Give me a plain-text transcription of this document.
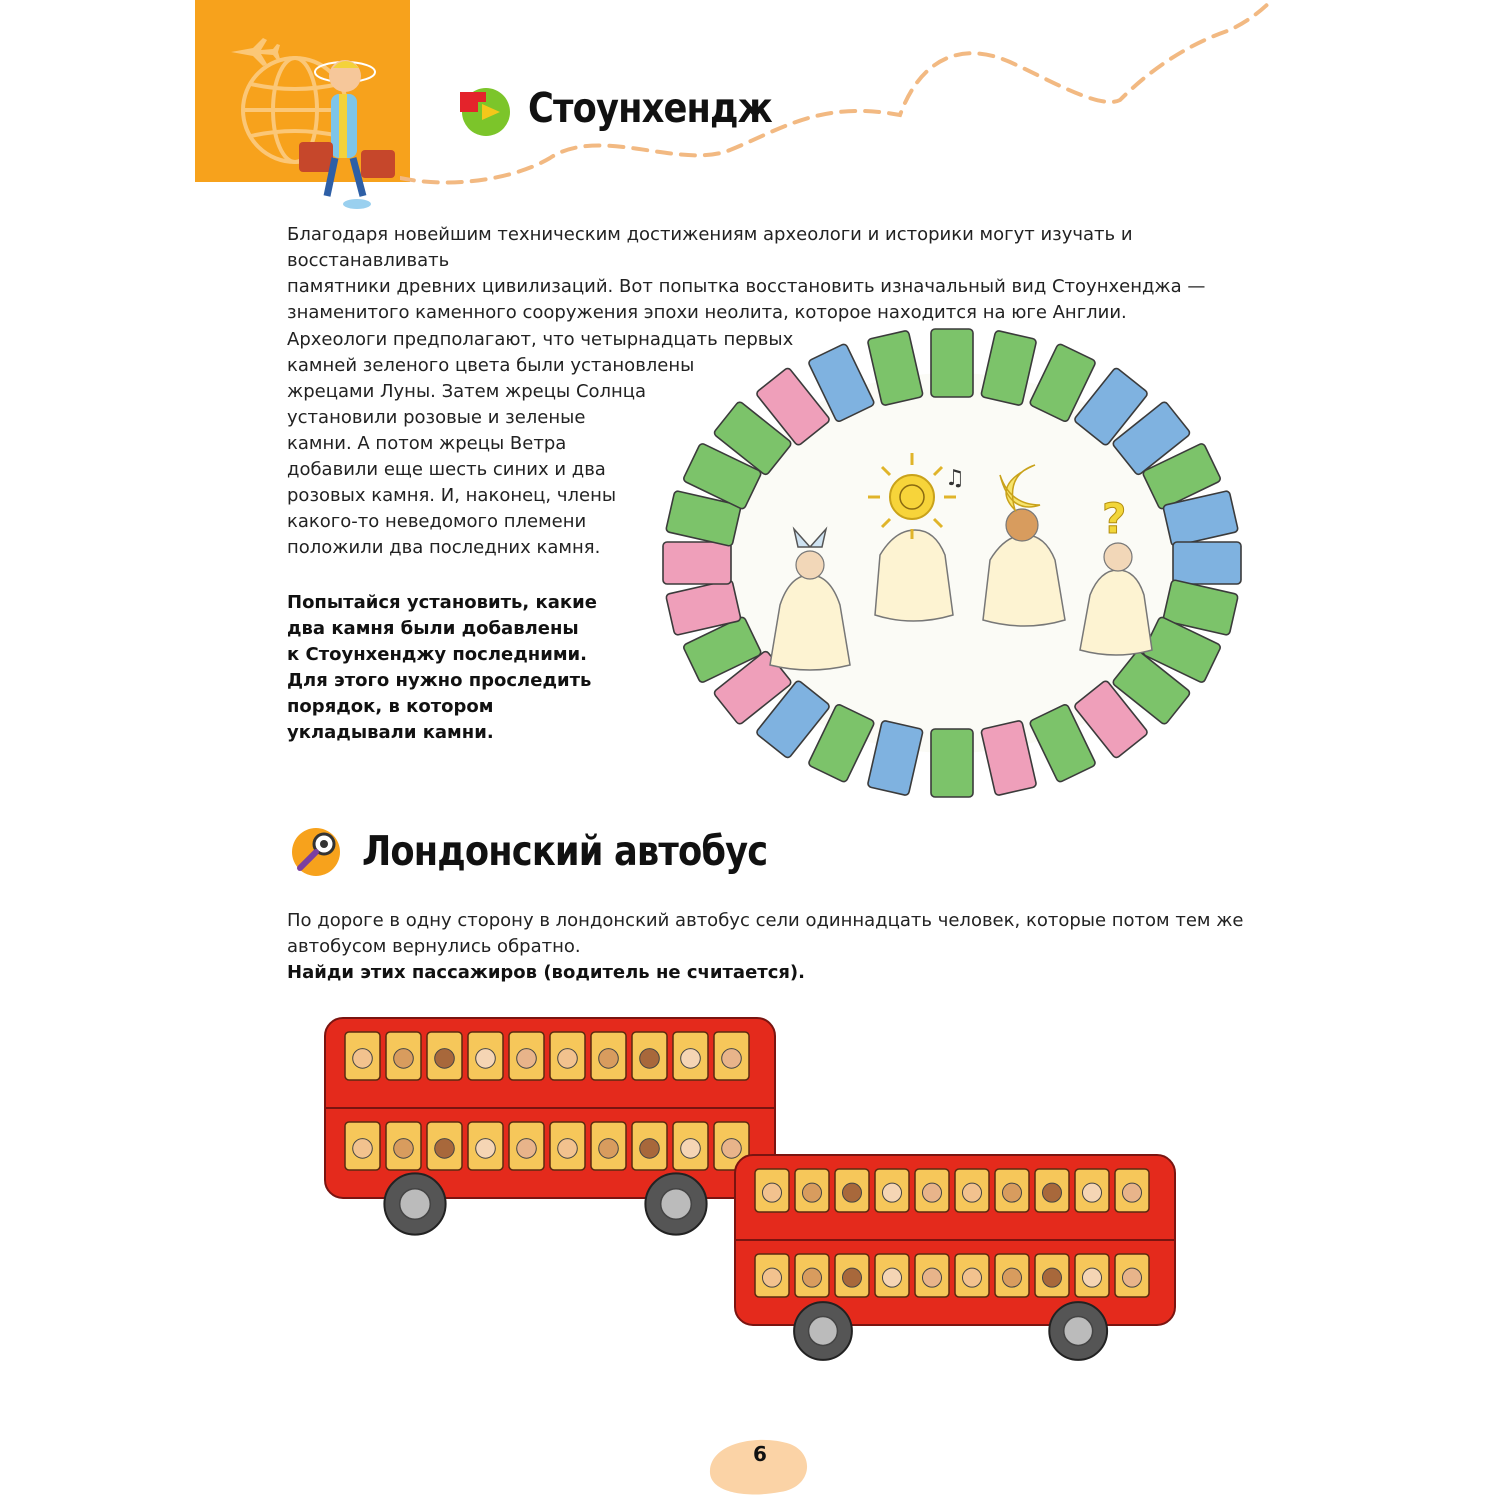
Стоунхендж

Благодаря новейшим техническим достижениям археологи и историки могут изучать и восстанавливать

памятники древних цивилизаций. Вот попытка восстановить изначальный вид Стоунхенджа —

знаменитого каменного сооружения эпохи неолита, которое находится на юге Англии.

Археологи предполагают, что четырнадцать первых

камней зеленого цвета были установлены

жрецами Луны. Затем жрецы Солнца

установили розовые и зеленые

камни. А потом жрецы Ветра

добавили еще шесть синих и два

розовых камня. И, наконец, члены

какого-то неведомого племени

положили два последних камня.

Попытайся установить, какие

два камня были добавлены

к Стоунхенджу последними.

Для этого нужно проследить

порядок, в котором

укладывали камни.

♫
?
Лондонский автобус

По дороге в одну сторону в лондонский автобус сели одиннадцать человек, которые потом тем же

автобусом вернулись обратно.

Найди этих пассажиров (водитель не считается).

6
